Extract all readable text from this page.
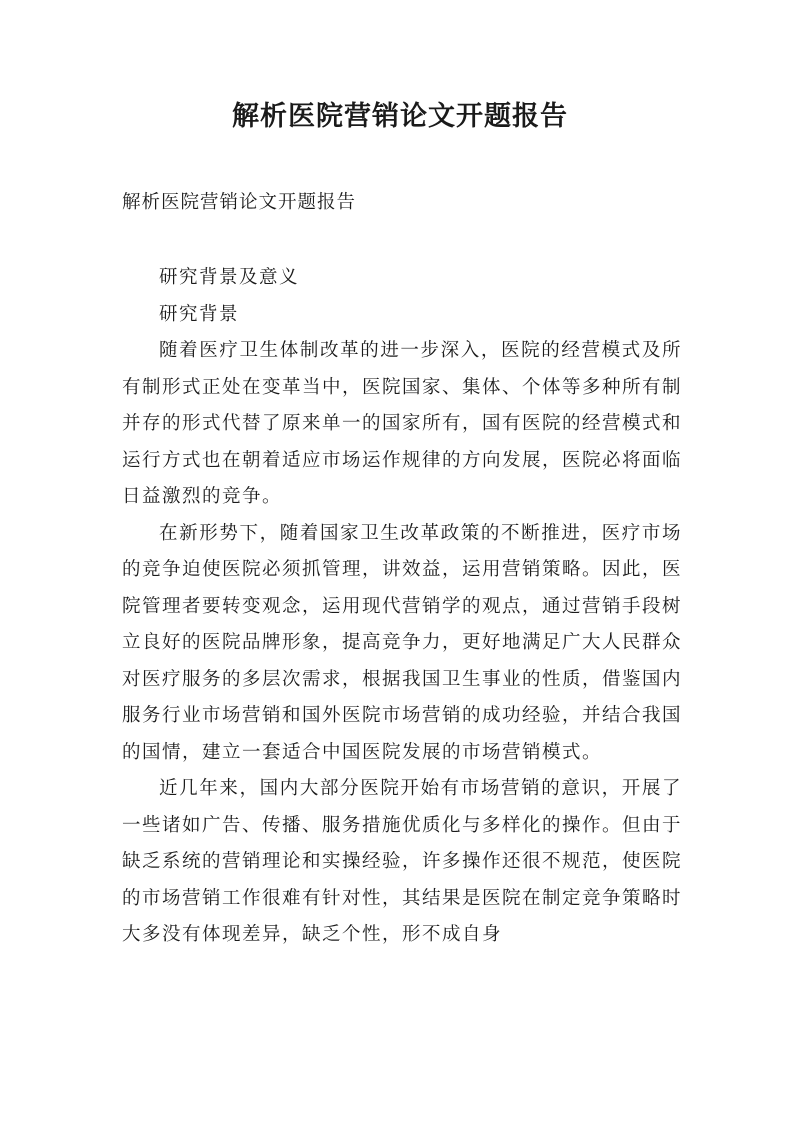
解析医院营销论文开题报告
解析医院营销论文开题报告

研究背景及意义

研究背景

随着医疗卫生体制改革的进一步深入，医院的经营模式及所有制形式正处在变革当中，医院国家、集体、个体等多种所有制并存的形式代替了原来单一的国家所有，国有医院的经营模式和运行方式也在朝着适应市场运作规律的方向发展，医院必将面临日益激烈的竞争。

在新形势下，随着国家卫生改革政策的不断推进，医疗市场的竞争迫使医院必须抓管理，讲效益，运用营销策略。因此，医院管理者要转变观念，运用现代营销学的观点，通过营销手段树立良好的医院品牌形象，提高竞争力，更好地满足广大人民群众对医疗服务的多层次需求，根据我国卫生事业的性质，借鉴国内服务行业市场营销和国外医院市场营销的成功经验，并结合我国的国情，建立一套适合中国医院发展的市场营销模式。

近几年来，国内大部分医院开始有市场营销的意识，开展了一些诸如广告、传播、服务措施优质化与多样化的操作。但由于缺乏系统的营销理论和实操经验，许多操作还很不规范，使医院的市场营销工作很难有针对性，其结果是医院在制定竞争策略时大多没有体现差异，缺乏个性，形不成自身
